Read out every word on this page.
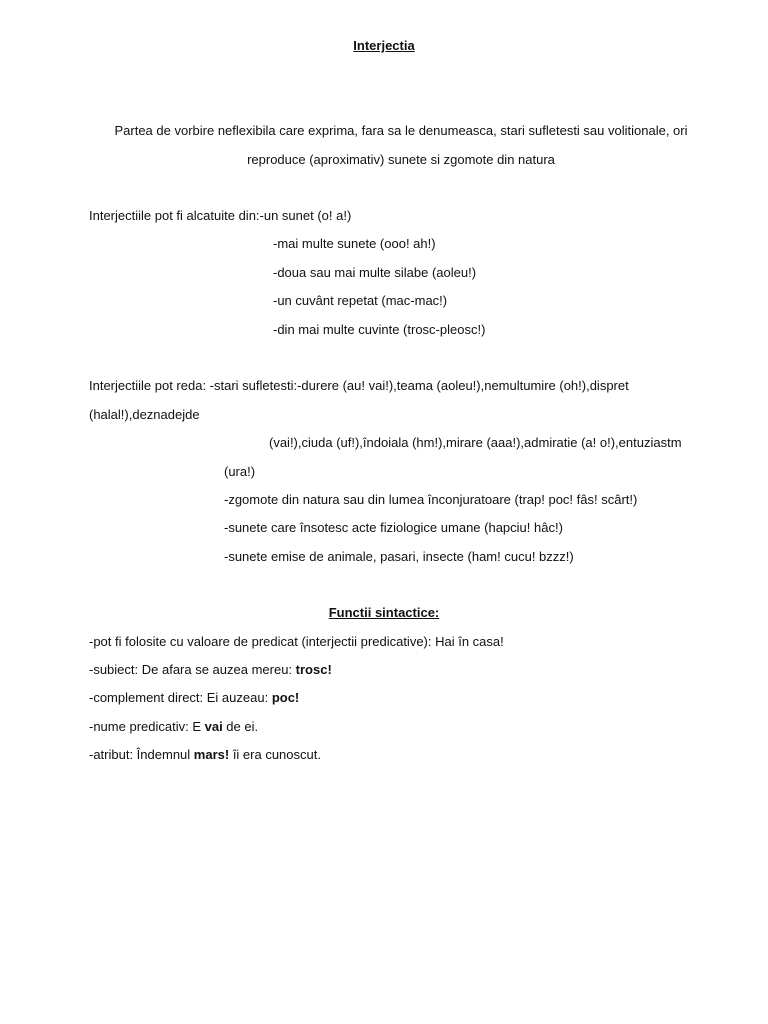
Interjectia
Partea de vorbire neflexibila care exprima, fara sa le denumeasca, stari sufletesti sau volitionale, ori
reproduce (aproximativ) sunete si zgomote din natura
Interjectiile pot fi alcatuite din:-un sunet (o! a!)
-mai multe sunete (ooo! ah!)
-doua sau mai multe silabe (aoleu!)
-un cuvânt repetat (mac-mac!)
-din mai multe cuvinte (trosc-pleosc!)
Interjectiile pot reda: -stari sufletesti:-durere (au! vai!),teama (aoleu!),nemultumire (oh!),dispret
(halal!),deznadejde
(vai!),ciuda (uf!),îndoiala (hm!),mirare (aaa!),admiratie (a! o!),entuziastm
(ura!)
-zgomote din natura sau din lumea înconjuratoare (trap! poc! fâs! scârt!)
-sunete care însotesc acte fiziologice umane (hapciu! hâc!)
-sunete emise de animale, pasari, insecte (ham! cucu! bzzz!)
Functii sintactice:
-pot fi folosite cu valoare de predicat (interjectii predicative): Hai în casa!
-subiect: De afara se auzea mereu: trosc!
-complement direct: Ei auzeau: poc!
-nume predicativ: E vai de ei.
-atribut: Îndemnul mars! îi era cunoscut.
